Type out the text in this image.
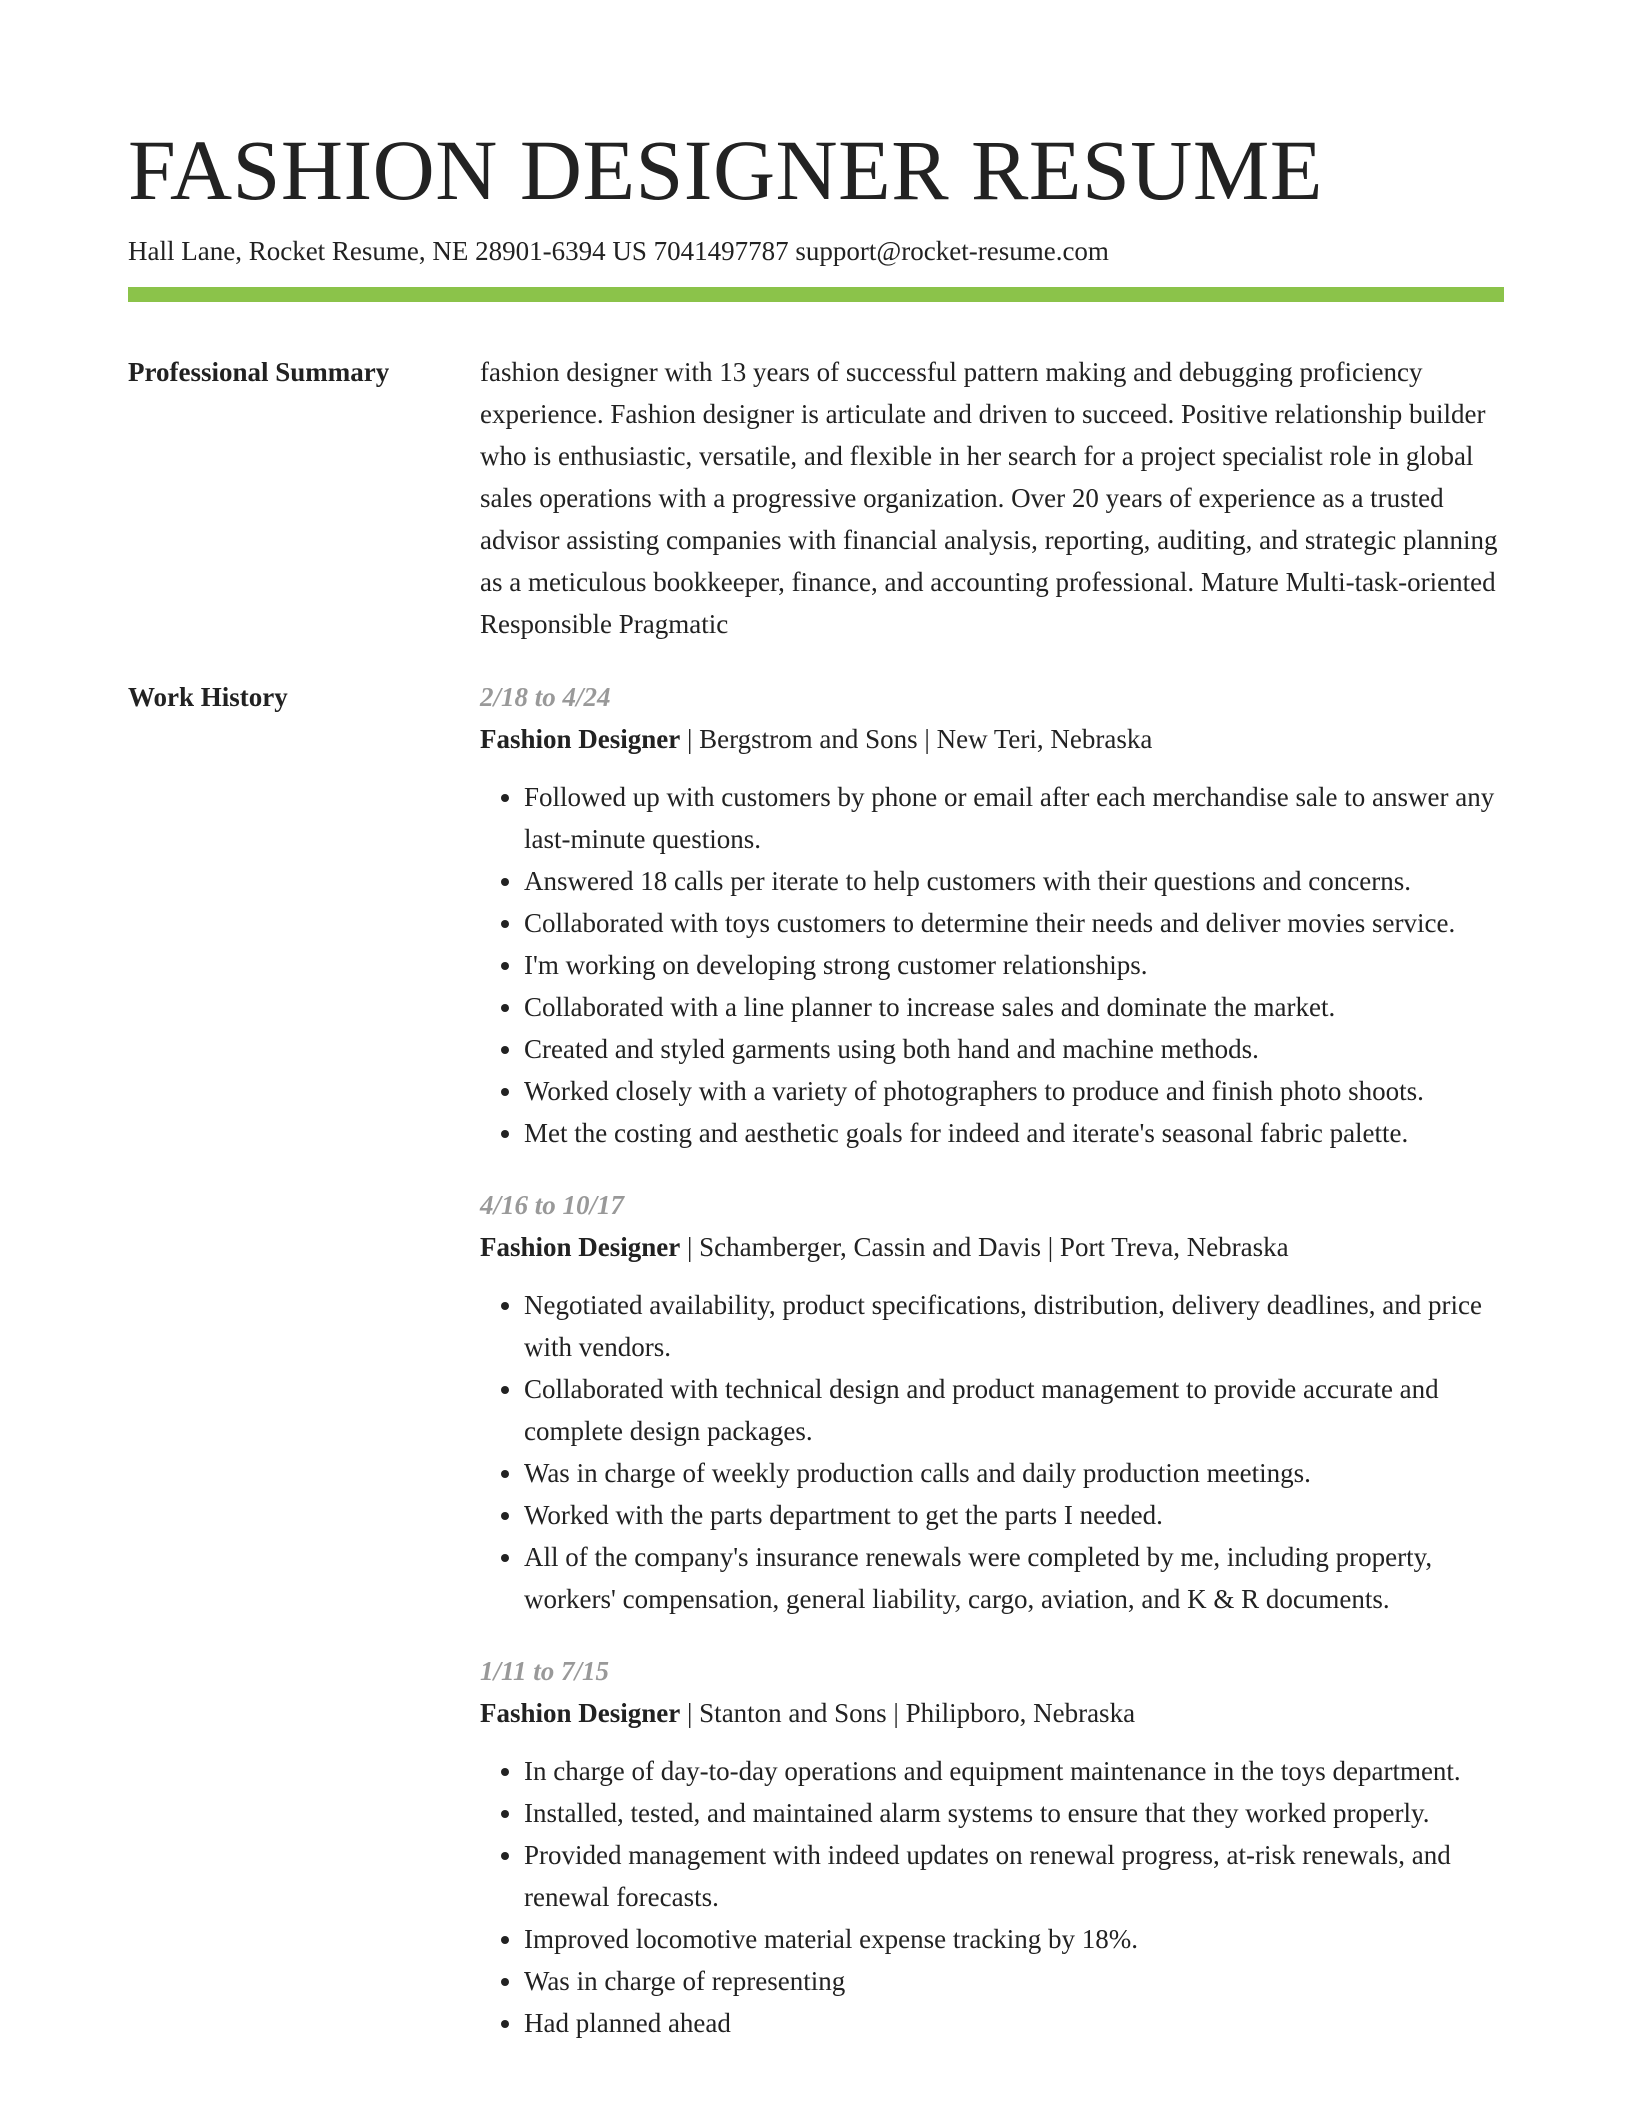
FASHION DESIGNER RESUME
Hall Lane, Rocket Resume, NE 28901-6394 US 7041497787 support@rocket-resume.com
Professional Summary	fashion designer with 13 years of successful pattern making and debugging proficiency experience. Fashion designer is articulate and driven to succeed. Positive relationship builder who is enthusiastic, versatile, and flexible in her search for a project specialist role in global sales operations with a progressive organization. Over 20 years of experience as a trusted advisor assisting companies with financial analysis, reporting, auditing, and strategic planning as a meticulous bookkeeper, finance, and accounting professional. Mature Multi-task-oriented Responsible Pragmatic
Work History	2/18 to 4/24
Fashion Designer | Bergstrom and Sons | New Teri, Nebraska
• Followed up with customers by phone or email after each merchandise sale to answer any last-minute questions.
• Answered 18 calls per iterate to help customers with their questions and concerns.
• Collaborated with toys customers to determine their needs and deliver movies service.
• I'm working on developing strong customer relationships.
• Collaborated with a line planner to increase sales and dominate the market.
• Created and styled garments using both hand and machine methods.
• Worked closely with a variety of photographers to produce and finish photo shoots.
• Met the costing and aesthetic goals for indeed and iterate's seasonal fabric palette.
4/16 to 10/17
Fashion Designer | Schamberger, Cassin and Davis | Port Treva, Nebraska
• Negotiated availability, product specifications, distribution, delivery deadlines, and price with vendors.
• Collaborated with technical design and product management to provide accurate and complete design packages.
• Was in charge of weekly production calls and daily production meetings.
• Worked with the parts department to get the parts I needed.
• All of the company's insurance renewals were completed by me, including property, workers' compensation, general liability, cargo, aviation, and K & R documents.
1/11 to 7/15
Fashion Designer | Stanton and Sons | Philipboro, Nebraska
• In charge of day-to-day operations and equipment maintenance in the toys department.
• Installed, tested, and maintained alarm systems to ensure that they worked properly.
• Provided management with indeed updates on renewal progress, at-risk renewals, and renewal forecasts.
• Improved locomotive material expense tracking by 18%.
• Was in charge of representing
• Had planned ahead
